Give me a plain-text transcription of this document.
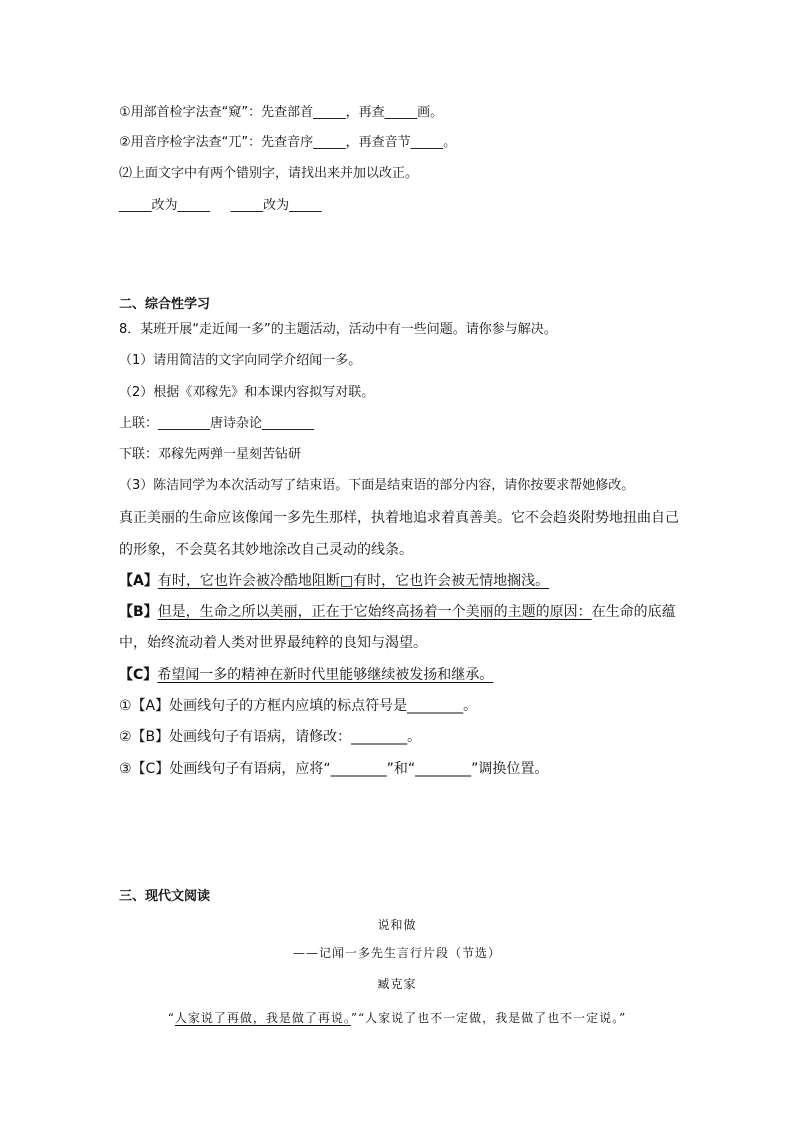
①用部首检字法查“窥”：先查部首_____，再查_____画。
②用音序检字法查“兀”：先查音序_____，再查音节_____。
⑵上面文字中有两个错别字，请找出来并加以改正。
_____改为_____     _____改为_____
二、综合性学习
8．某班开展“走近闻一多”的主题活动，活动中有一些问题。请你参与解决。
（1）请用简洁的文字向同学介绍闻一多。
（2）根据《邓稼先》和本课内容拟写对联。
上联：________唐诗杂论________
下联：邓稼先两弹一星刻苦钻研
（3）陈洁同学为本次活动写了结束语。下面是结束语的部分内容，请你按要求帮她修改。
真正美丽的生命应该像闻一多先生那样，执着地追求着真善美。它不会趋炎附势地扭曲自己
的形象，不会莫名其妙地涂改自己灵动的线条。
【A】有时，它也许会被冷酷地阻断□有时，它也许会被无情地搁浅。
【B】但是，生命之所以美丽，正在于它始终高扬着一个美丽的主题的原因：在生命的底蕴
中，始终流动着人类对世界最纯粹的良知与渴望。
【C】希望闻一多的精神在新时代里能够继续被发扬和继承。
①【A】处画线句子的方框内应填的标点符号是________。
②【B】处画线句子有语病，请修改：________。
③【C】处画线句子有语病，应将“________”和“________”调换位置。
三、现代文阅读
说和做
——记闻一多先生言行片段（节选）
臧克家
“人家说了再做，我是做了再说。”“人家说了也不一定做，我是做了也不一定说。”
